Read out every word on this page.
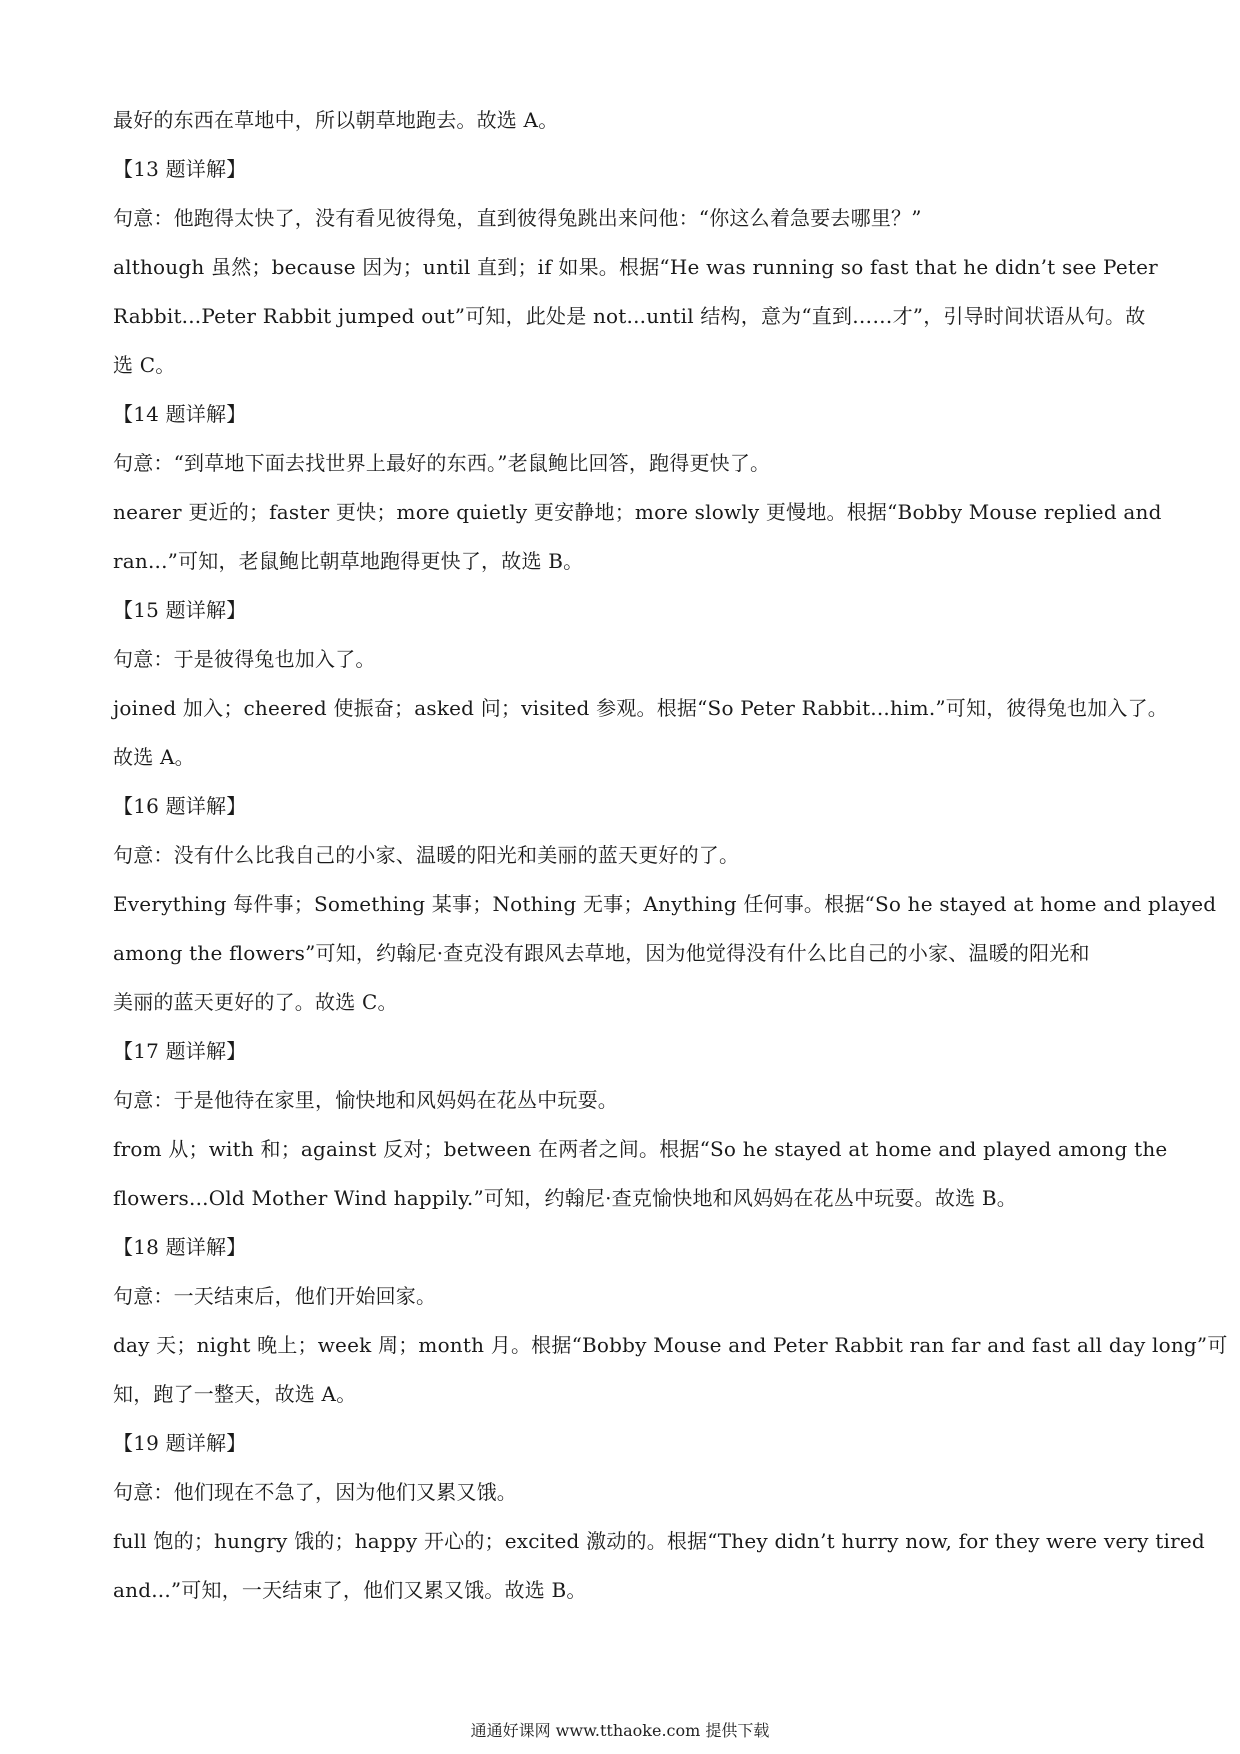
最好的东西在草地中，所以朝草地跑去。故选 A。
【13 题详解】
句意：他跑得太快了，没有看见彼得兔，直到彼得兔跳出来问他：“你这么着急要去哪里？”
although 虽然；because 因为；until 直到；if 如果。根据“He was running so fast that he didn’t see Peter
Rabbit...Peter Rabbit jumped out”可知，此处是 not...until 结构，意为“直到……才”，引导时间状语从句。故
选 C。
【14 题详解】
句意：“到草地下面去找世界上最好的东西。”老鼠鲍比回答，跑得更快了。
nearer 更近的；faster 更快；more quietly 更安静地；more slowly 更慢地。根据“Bobby Mouse replied and
ran...”可知，老鼠鲍比朝草地跑得更快了，故选 B。
【15 题详解】
句意：于是彼得兔也加入了。
joined 加入；cheered 使振奋；asked 问；visited 参观。根据“So Peter Rabbit...him.”可知，彼得兔也加入了。
故选 A。
【16 题详解】
句意：没有什么比我自己的小家、温暖的阳光和美丽的蓝天更好的了。
Everything 每件事；Something 某事；Nothing 无事；Anything 任何事。根据“So he stayed at home and played
among the flowers”可知，约翰尼·查克没有跟风去草地，因为他觉得没有什么比自己的小家、温暖的阳光和
美丽的蓝天更好的了。故选 C。
【17 题详解】
句意：于是他待在家里，愉快地和风妈妈在花丛中玩耍。
from 从；with 和；against 反对；between 在两者之间。根据“So he stayed at home and played among the
flowers...Old Mother Wind happily.”可知，约翰尼·查克愉快地和风妈妈在花丛中玩耍。故选 B。
【18 题详解】
句意：一天结束后，他们开始回家。
day 天；night 晚上；week 周；month 月。根据“Bobby Mouse and Peter Rabbit ran far and fast all day long”可
知，跑了一整天，故选 A。
【19 题详解】
句意：他们现在不急了，因为他们又累又饿。
full 饱的；hungry 饿的；happy 开心的；excited 激动的。根据“They didn’t hurry now, for they were very tired
and...”可知，一天结束了，他们又累又饿。故选 B。
通通好课网 www.tthaoke.com 提供下载
